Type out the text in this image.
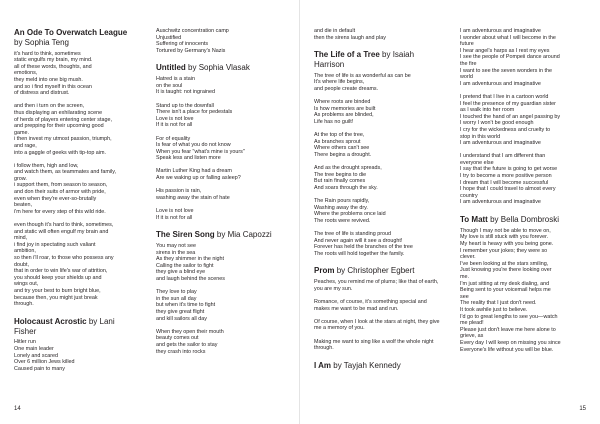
An Ode To Overwatch League by Sophia Teng
it's hard to think, sometimes
static engulfs my brain, my mind.
all of these words, thoughts, and
emotions,
they meld into one big mush.
and so i find myself in this ocean
of distress and distrust.
and then i turn on the screen,
thus displaying an exhilarating scene
of herds of players entering center stage,
and prepping for their upcoming good
game.
i then invest my utmost passion, triumph,
and rage,
into a gaggle of geeks with tip-top aim.
i follow them, high and low,
and watch them, as teammates and family,
grow.
i support them, from season to season,
and don their suits of armor with pride,
even when they're ever-so-brutally
beaten,
i'm here for every step of this wild ride.
even though it's hard to think, sometimes,
and static will often engulf my brain and
mind,
i find joy in spectating such valiant
ambition,
so then i'll roar, to those who possess any
doubt,
that in order to win life's war of attrition,
you should keep your shields up and
wings out,
and try your best to burn bright blue,
because then, you might just break
through.
Holocaust Acrostic by Lani Fisher
Hitler run
One main leader
Lonely and scared
Over 6 million Jews killed
Caused pain to many
Auschwitz concentration camp
Unjustified
Suffering of innocents
Tortured by Germany's Nazis
Untitled by Sophia Vlasak
Hatred is a stain
on the soul
It is taught: not ingrained
Stand up to the downfall
There isn't a place for pedestals
Love is not love
If it is not for all
For of equality
Is fear of what you do not know
When you fear "what's mine is yours"
Speak less and listen more
Martin Luther King had a dream
Are we waking up or falling asleep?
His passion is rain,
washing away the stain of hate
Love is not love
If it is not for all
The Siren Song by Mia Capozzi
You may not see
sirens in the sea
As they shimmer in the night
Calling the sailor to fight
they give a blind eye
and laugh behind the scenes
They love to play
in the sun all day
but when it's time to fight
they give great flight
and kill sailors all day
When they open their mouth
beauty comes out
and gets the sailor to stay
they crash into rocks
14
and die in default
then the sirens laugh and play
The Life of a Tree by Isaiah Harrison
The tree of life is as wonderful as can be
It's where life begins,
and people create dreams.
Where roots are binded
Is how memories are built
As problems are blinded,
Life has no guilt!
At the top of the tree,
As branches sprout
Where others can't see
There begins a drought.
And as the drought spreads,
The tree begins to die
But rain finally comes
And soars through the sky.
The Rain pours rapidly,
Washing away the dry.
Where the problems once laid
The roots were revived.
The tree of life is standing proud
And never again will it see a drought!
Forever has held the branches of the tree
The roots will hold together the family.
Prom by Christopher Egbert
Peaches, you remind me of plums; like that of earth, you are my sun.
Romance, of course, it's something special and makes me want to be mad and run.
Of course, when I look at the stars at night, they give me a memory of you.
Making me want to sing like a wolf the whole night through.
I Am by Tayjah Kennedy
I am adventurous and imaginative
I wonder about what I will become in the
future
I hear angel's harps as I rest my eyes
I see the people of Pompeii dance around
the fire
I want to see the seven wonders in the
world
I am adventurous and imaginative
I pretend that I live in a cartoon world
I feel the presence of my guardian sister
as I walk into her room
I touched the hand of an angel passing by
I worry I won't be good enough
I cry for the wickedness and cruelty to
stop in this world
I am adventurous and imaginative
I understand that I am different than
everyone else
I say that the future is going to get worse
I try to become a more positive person
I dream that I will become successful
I hope that I could travel to almost every
country
I am adventurous and imaginative
To Matt by Bella Dombroski
Though I may not be able to move on,
My love is still stuck with you forever.
My heart is heavy with you being gone.
I remember your jokes; they were so
clever.
I've been looking at the stars smiling,
Just knowing you're there looking over
me.
I'm just sitting at my desk dialing, and
Being sent to your voicemail helps me
see
The reality that I just don't need.
It took awhile just to believe.
I'd go to great lengths to see you—watch
me plead!
Please just don't leave me here alone to
grieve, as
Every day I will keep on missing you since
Everyone's life without you will be blue.
15
